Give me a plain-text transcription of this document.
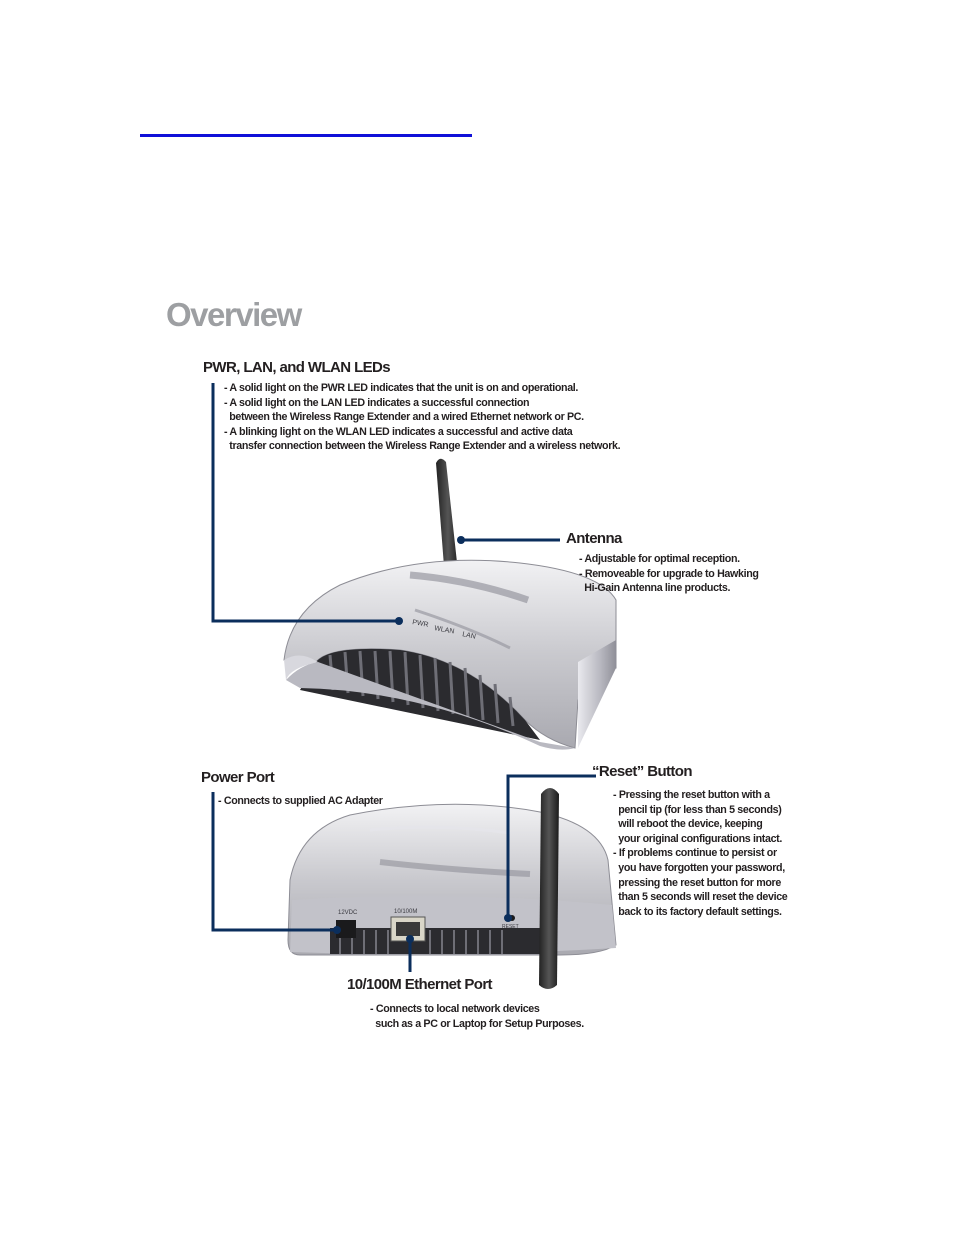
Overview
PWR
WLAN
LAN
12VDC	10/100M
RESET
PWR, LAN, and WLAN LEDs
- A solid light on the PWR LED indicates that the unit is on and operational.
- A solid light on the LAN LED indicates a successful connection
between the Wireless Range Extender and a wired Ethernet network or PC.
- A blinking light on the WLAN LED indicates a successful and active data
transfer connection between the Wireless Range Extender and a wireless network.
Antenna
- Adjustable for optimal reception.
- Removeable for upgrade to Hawking
Hi-Gain Antenna line products.
Power Port
- Connects to supplied AC Adapter
“Reset” Button
- Pressing the reset button with a
pencil tip (for less than 5 seconds)
will reboot the device, keeping
your original configurations intact.
- If problems continue to persist or
you have forgotten your password,
pressing the reset button for more
than 5 seconds will reset the device
back to its factory default settings.
10/100M Ethernet Port
- Connects to local network devices
such as a PC or Laptop for Setup Purposes.
